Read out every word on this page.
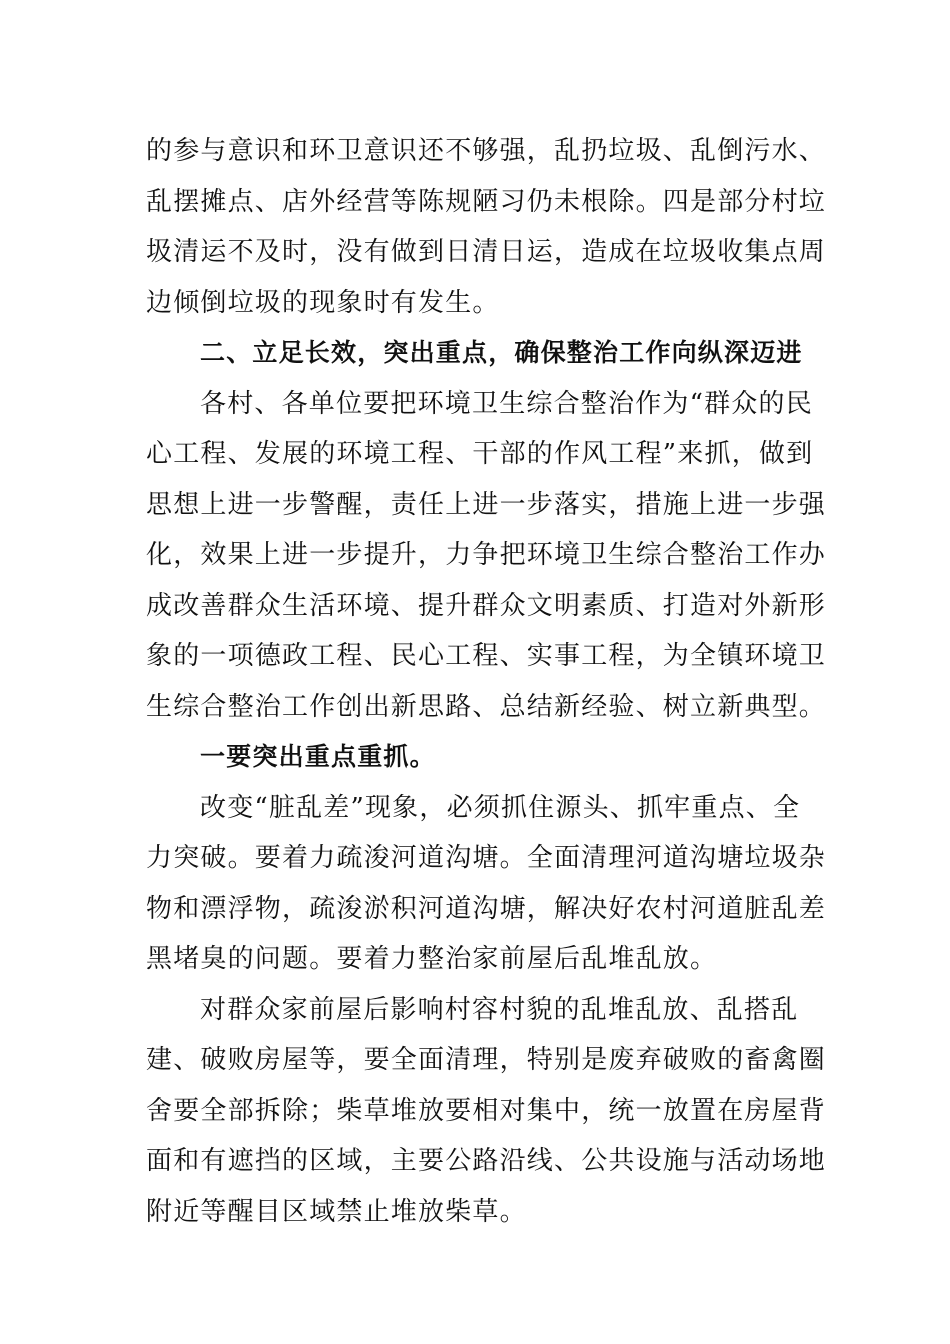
的参与意识和环卫意识还不够强，乱扔垃圾、乱倒污水、乱摆摊点、店外经营等陈规陋习仍未根除。四是部分村垃圾清运不及时，没有做到日清日运，造成在垃圾收集点周边倾倒垃圾的现象时有发生。

二、立足长效，突出重点，确保整治工作向纵深迈进

各村、各单位要把环境卫生综合整治作为“群众的民心工程、发展的环境工程、干部的作风工程”来抓，做到思想上进一步警醒，责任上进一步落实，措施上进一步强化，效果上进一步提升，力争把环境卫生综合整治工作办成改善群众生活环境、提升群众文明素质、打造对外新形象的一项德政工程、民心工程、实事工程，为全镇环境卫生综合整治工作创出新思路、总结新经验、树立新典型。

一要突出重点重抓。

改变“脏乱差”现象，必须抓住源头、抓牢重点、全力突破。要着力疏浚河道沟塘。全面清理河道沟塘垃圾杂物和漂浮物，疏浚淤积河道沟塘，解决好农村河道脏乱差黑堵臭的问题。要着力整治家前屋后乱堆乱放。

对群众家前屋后影响村容村貌的乱堆乱放、乱搭乱建、破败房屋等，要全面清理，特别是废弃破败的畜禽圈舍要全部拆除；柴草堆放要相对集中，统一放置在房屋背面和有遮挡的区域，主要公路沿线、公共设施与活动场地附近等醒目区域禁止堆放柴草。
